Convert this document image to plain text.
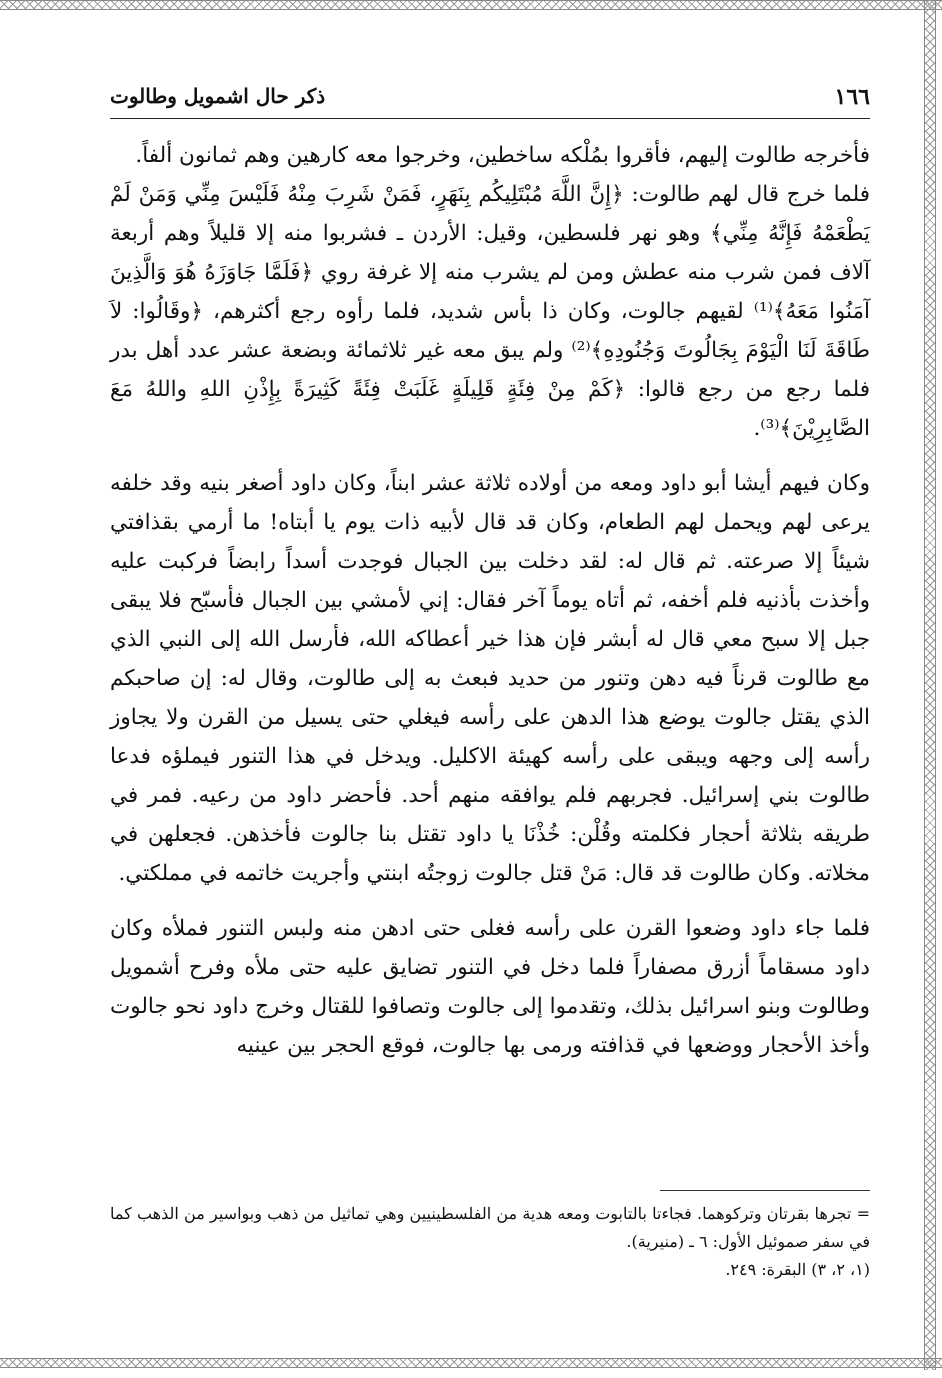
١٦٦
ذكر حال اشمويل وطالوت

فأخرجه طالوت إليهم، فأقروا بمُلْكه ساخطين، وخرجوا معه كارهين وهم ثمانون ألفاً.

فلما خرج قال لهم طالوت: ﴿إِنَّ اللَّهَ مُبْتَلِيكُم بِنَهَرٍ، فَمَنْ شَرِبَ مِنْهُ فَلَيْسَ مِنِّي وَمَنْ لَمْ يَطْعَمْهُ فَإِنَّهُ مِنِّي﴾ وهو نهر فلسطين، وقيل: الأردن ـ فشربوا منه إلا قليلاً وهم أربعة آلاف فمن شرب منه عطش ومن لم يشرب منه إلا غرفة روي ﴿فَلَمَّا جَاوَزَهُ هُوَ وَالَّذِينَ آمَنُوا مَعَهُ﴾⁽¹⁾ لقيهم جالوت، وكان ذا بأس شديد، فلما رأوه رجع أكثرهم، ﴿وقَالُوا: لاَ طَاقَةَ لَنَا الْيَوْمَ بِجَالُوتَ وَجُنُودِهِ﴾⁽²⁾ ولم يبق معه غير ثلاثمائة وبضعة عشر عدد أهل بدر فلما رجع من رجع قالوا: ﴿كَمْ مِنْ فِئَةٍ قَلِيلَةٍ غَلَبَتْ فِئَةً كَثِيرَةً بِإِذْنِ اللهِ واللهُ مَعَ الصَّابِرِيْنَ﴾⁽³⁾.

وكان فيهم أيشا أبو داود ومعه من أولاده ثلاثة عشر ابناً، وكان داود أصغر بنيه وقد خلفه يرعى لهم ويحمل لهم الطعام، وكان قد قال لأبيه ذات يوم يا أبتاه! ما أرمي بقذافتي شيئاً إلا صرعته. ثم قال له: لقد دخلت بين الجبال فوجدت أسداً رابضاً فركبت عليه وأخذت بأذنيه فلم أخفه، ثم أتاه يوماً آخر فقال: إني لأمشي بين الجبال فأسبّح فلا يبقى جبل إلا سبح معي قال له أبشر فإن هذا خير أعطاكه الله، فأرسل الله إلى النبي الذي مع طالوت قرناً فيه دهن وتنور من حديد فبعث به إلى طالوت، وقال له: إن صاحبكم الذي يقتل جالوت يوضع هذا الدهن على رأسه فيغلي حتى يسيل من القرن ولا يجاوز رأسه إلى وجهه ويبقى على رأسه كهيئة الاكليل. ويدخل في هذا التنور فيملؤه فدعا طالوت بني إسرائيل. فجربهم فلم يوافقه منهم أحد. فأحضر داود من رعيه. فمر في طريقه بثلاثة أحجار فكلمته وقُلْن: خُذْنَا يا داود تقتل بنا جالوت فأخذهن. فجعلهن في مخلاته. وكان طالوت قد قال: مَنْ قتل جالوت زوجتُه ابنتي وأجريت خاتمه في مملكتي.

فلما جاء داود وضعوا القرن على رأسه فغلى حتى ادهن منه ولبس التنور فملأه وكان داود مسقاماً أزرق مصفاراً فلما دخل في التنور تضايق عليه حتى ملأه وفرح أشمويل وطالوت وبنو اسرائيل بذلك، وتقدموا إلى جالوت وتصافوا للقتال وخرج داود نحو جالوت وأخذ الأحجار ووضعها في قذافته ورمى بها جالوت، فوقع الحجر بين عينيه

= تجرها بقرتان وتركوهما. فجاءتا بالتابوت ومعه هدية من الفلسطينيين وهي تماثيل من ذهب وبواسير من الذهب كما في سفر صموئيل الأول: ٦ ـ (منيرية).

(١، ٢، ٣) البقرة: ٢٤٩.
